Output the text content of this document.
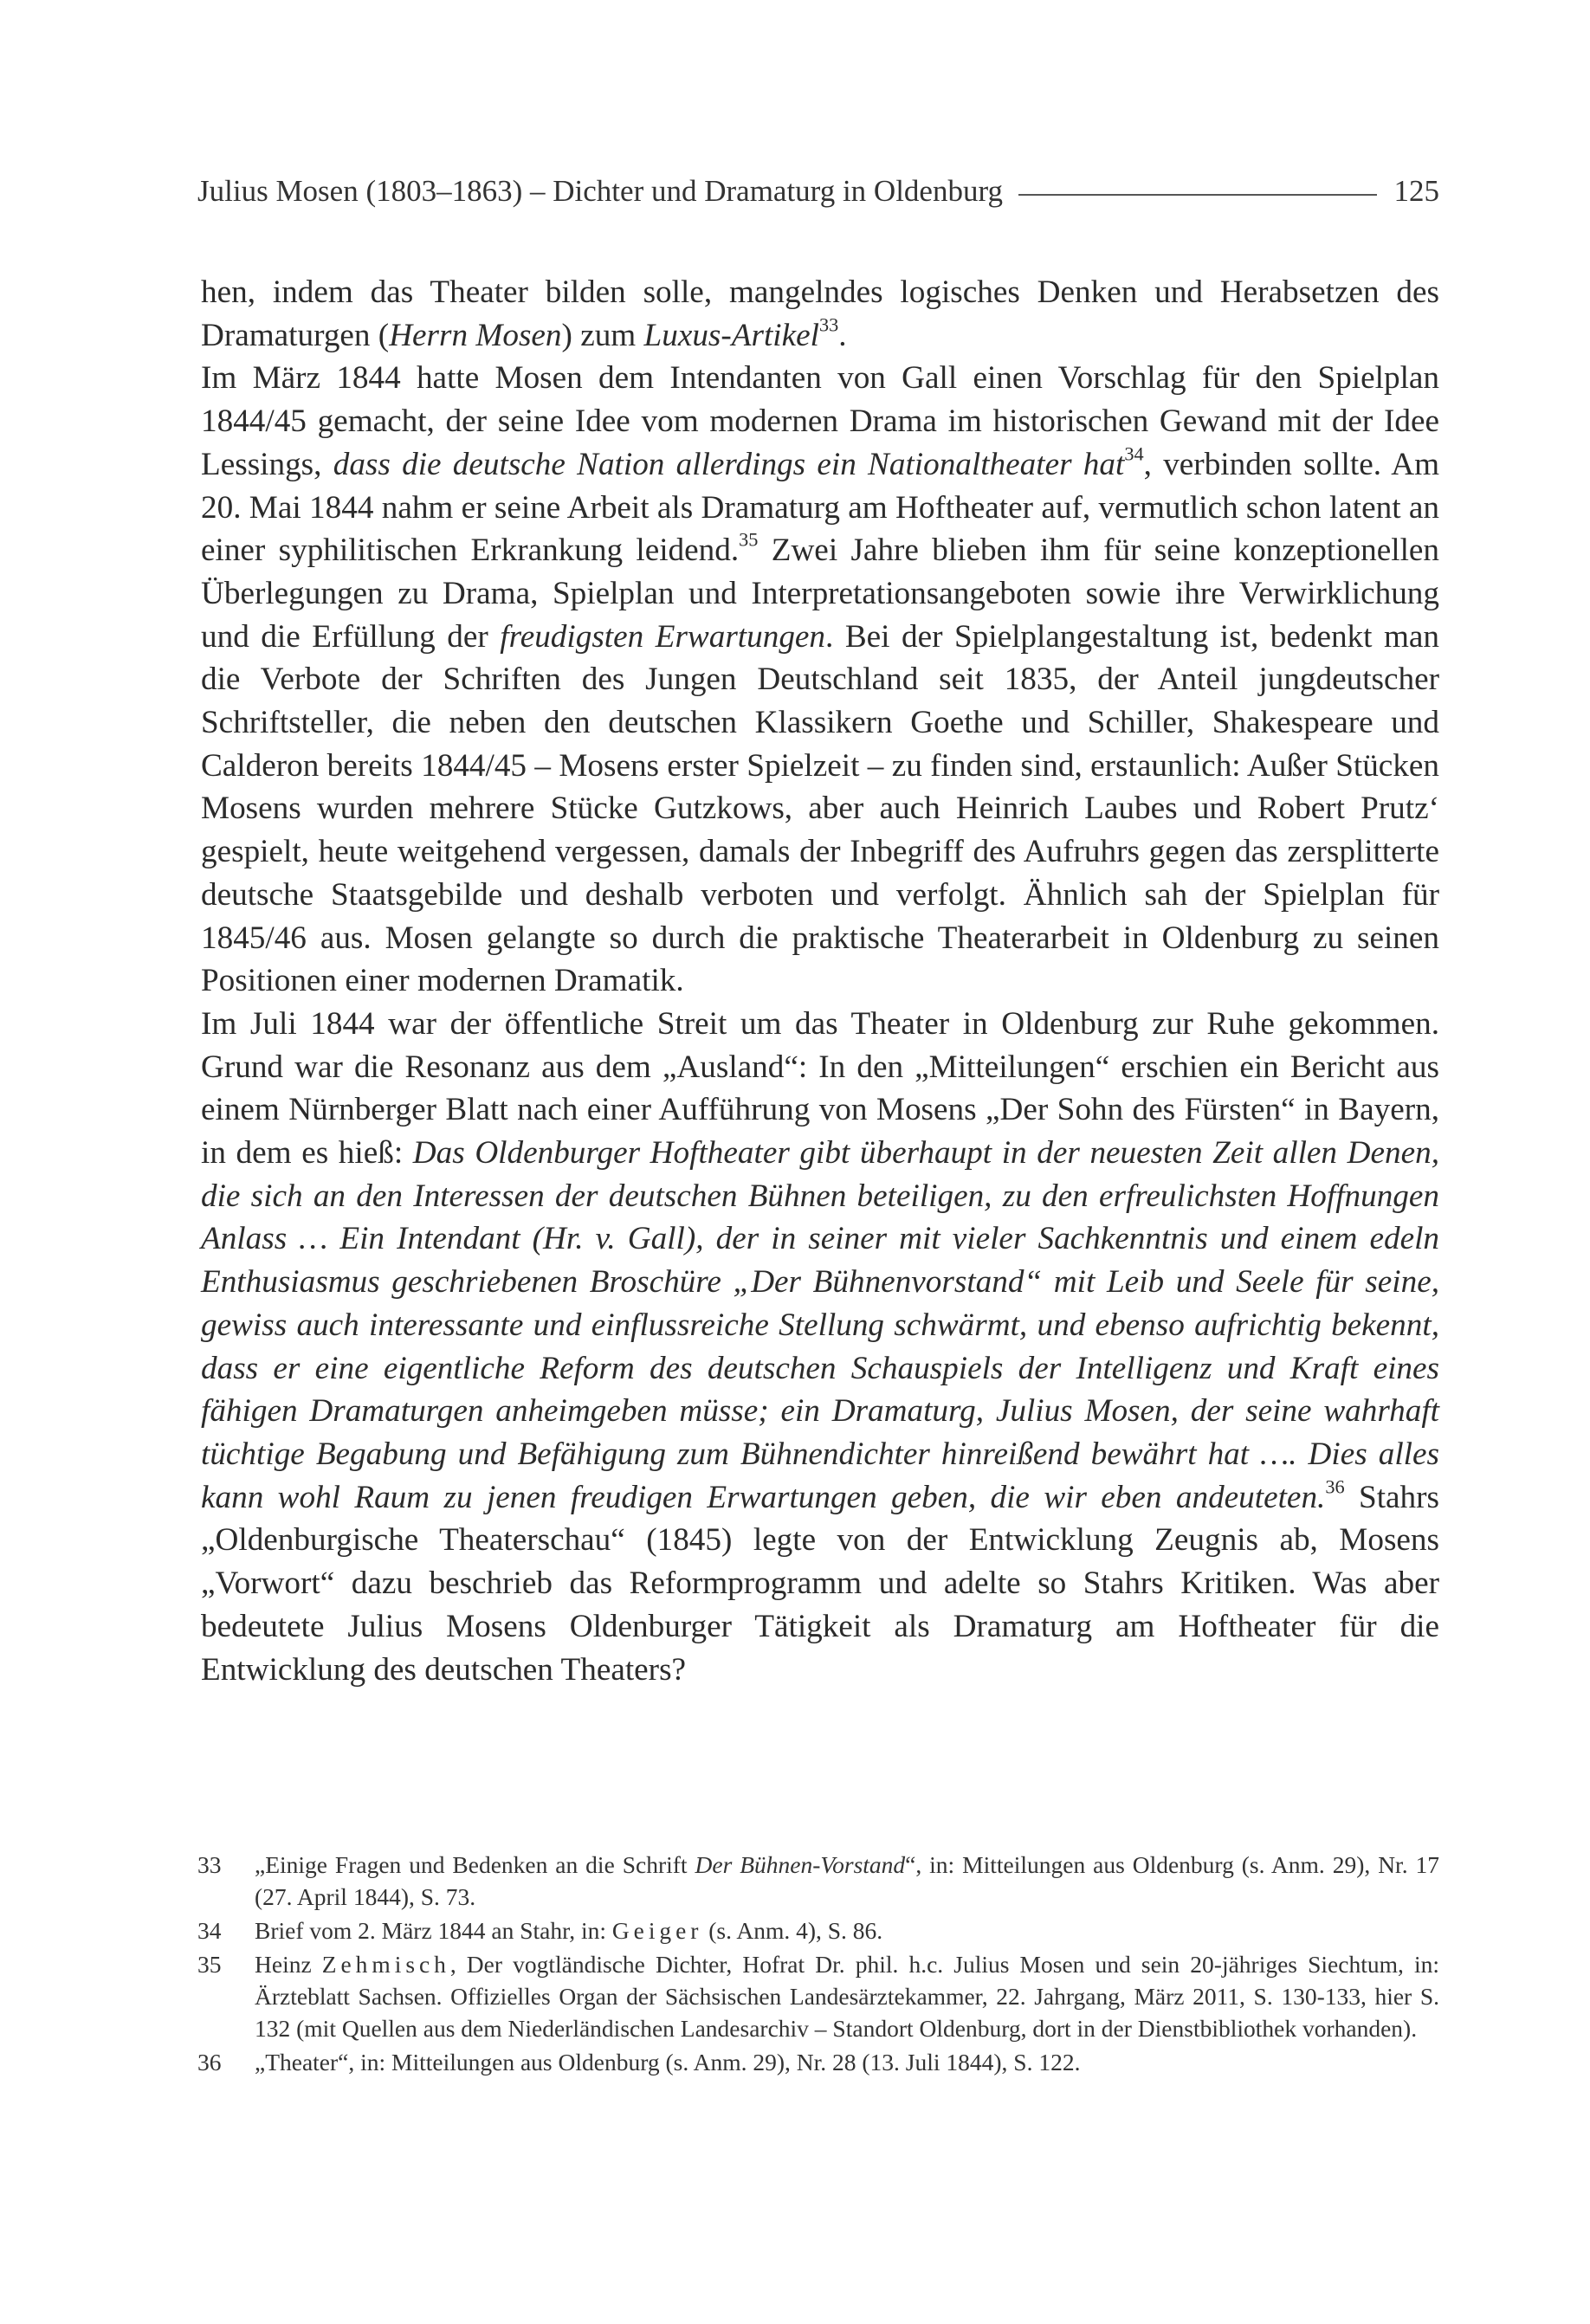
Julius Mosen (1803–1863) – Dichter und Dramaturg in Oldenburg	125

hen, indem das Theater bilden solle, mangelndes logisches Denken und Herabsetzen des Dramaturgen (Herrn Mosen) zum Luxus-Artikel$^{33}$.

Im März 1844 hatte Mosen dem Intendanten von Gall einen Vorschlag für den Spielplan 1844/45 gemacht, der seine Idee vom modernen Drama im historischen Gewand mit der Idee Lessings, dass die deutsche Nation allerdings ein Nationaltheater hat$^{34}$, verbinden sollte. Am 20. Mai 1844 nahm er seine Arbeit als Dramaturg am Hoftheater auf, vermutlich schon latent an einer syphilitischen Erkrankung leidend.$^{35}$ Zwei Jahre blieben ihm für seine konzeptionellen Überlegungen zu Drama, Spielplan und Interpretationsangeboten sowie ihre Verwirklichung und die Erfüllung der freudigsten Erwartungen. Bei der Spielplangestaltung ist, bedenkt man die Verbote der Schriften des Jungen Deutschland seit 1835, der Anteil jungdeutscher Schriftsteller, die neben den deutschen Klassikern Goethe und Schiller, Shakespeare und Calderon bereits 1844/45 – Mosens erster Spielzeit – zu finden sind, erstaunlich: Außer Stücken Mosens wurden mehrere Stücke Gutzkows, aber auch Heinrich Laubes und Robert Prutz‘ gespielt, heute weitgehend vergessen, damals der Inbegriff des Aufruhrs gegen das zersplitterte deutsche Staatsgebilde und deshalb verboten und verfolgt. Ähnlich sah der Spielplan für 1845/46 aus. Mosen gelangte so durch die praktische Theaterarbeit in Oldenburg zu seinen Positionen einer modernen Dramatik.

Im Juli 1844 war der öffentliche Streit um das Theater in Oldenburg zur Ruhe gekommen. Grund war die Resonanz aus dem „Ausland“: In den „Mitteilungen“ erschien ein Bericht aus einem Nürnberger Blatt nach einer Aufführung von Mosens „Der Sohn des Fürsten“ in Bayern, in dem es hieß: Das Oldenburger Hoftheater gibt überhaupt in der neuesten Zeit allen Denen, die sich an den Interessen der deutschen Bühnen beteiligen, zu den erfreulichsten Hoffnungen Anlass … Ein Intendant (Hr. v. Gall), der in seiner mit vieler Sachkenntnis und einem edeln Enthusiasmus geschriebenen Broschüre „Der Bühnenvorstand“ mit Leib und Seele für seine, gewiss auch interessante und einflussreiche Stellung schwärmt, und ebenso aufrichtig bekennt, dass er eine eigentliche Reform des deutschen Schauspiels der Intelligenz und Kraft eines fähigen Dramaturgen anheimgeben müsse; ein Dramaturg, Julius Mosen, der seine wahrhaft tüchtige Begabung und Befähigung zum Bühnendichter hinreißend bewährt hat …. Dies alles kann wohl Raum zu jenen freudigen Erwartungen geben, die wir eben andeuteten.$^{36}$ Stahrs „Oldenburgische Theaterschau“ (1845) legte von der Entwicklung Zeugnis ab, Mosens „Vorwort“ dazu beschrieb das Reformprogramm und adelte so Stahrs Kritiken. Was aber bedeutete Julius Mosens Oldenburger Tätigkeit als Dramaturg am Hoftheater für die Entwicklung des deutschen Theaters?

33	„Einige Fragen und Bedenken an die Schrift Der Bühnen-Vorstand“, in: Mitteilungen aus Oldenburg (s. Anm. 29), Nr. 17 (27. April 1844), S. 73.
34	Brief vom 2. März 1844 an Stahr, in: Geiger (s. Anm. 4), S. 86.
35	Heinz Zehmisch, Der vogtländische Dichter, Hofrat Dr. phil. h.c. Julius Mosen und sein 20-jähriges Siechtum, in: Ärzteblatt Sachsen. Offizielles Organ der Sächsischen Landesärztekammer, 22. Jahrgang, März 2011, S. 130-133, hier S. 132 (mit Quellen aus dem Niederländischen Landesarchiv – Standort Oldenburg, dort in der Dienstbibliothek vorhanden).
36	„Theater“, in: Mitteilungen aus Oldenburg (s. Anm. 29), Nr. 28 (13. Juli 1844), S. 122.
